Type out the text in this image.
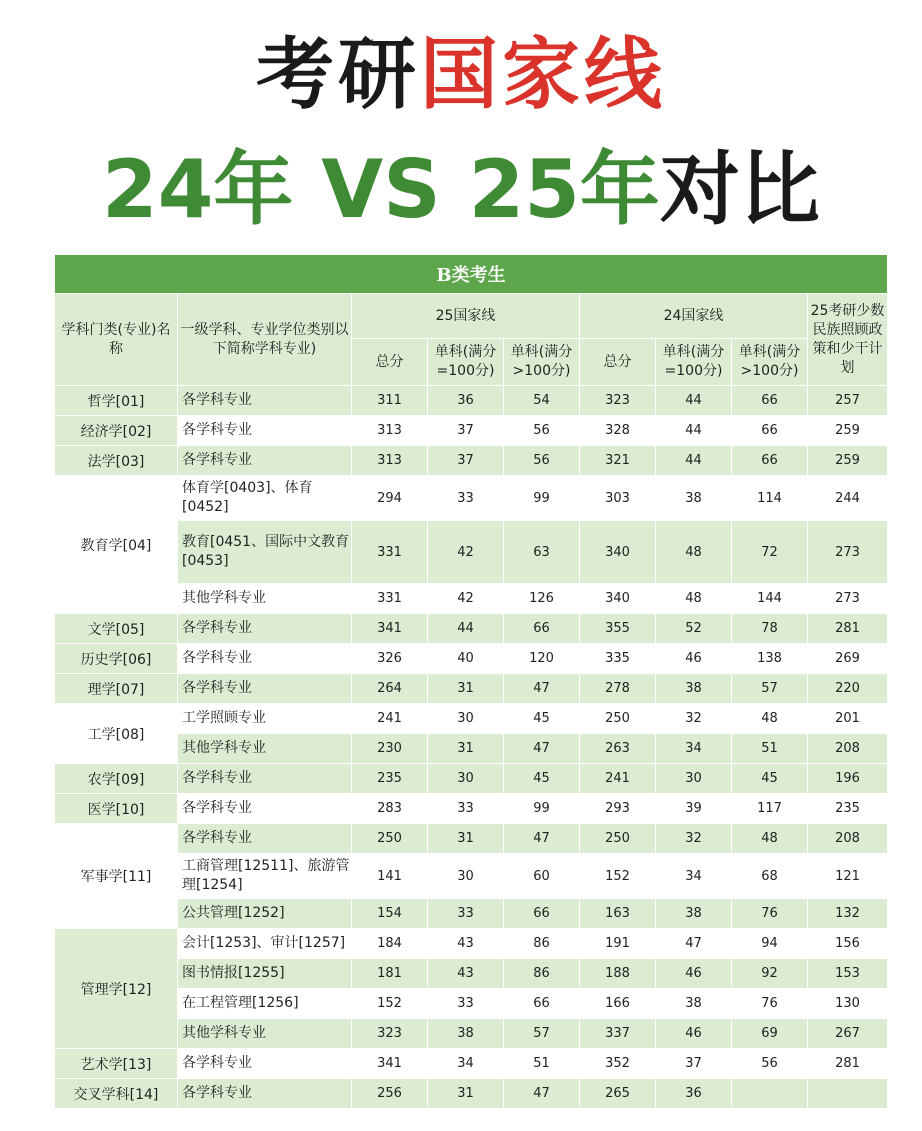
考研国家线
24年 VS 25年对比
B类考生								
学科门类(专业)名称	一级学科、专业学位类别以下简称学科专业)	25国家线			24国家线			25考研少数民族照顾政策和少干计划
		总分	单科(满分=100分)	单科(满分>100分)	总分	单科(满分=100分)	单科(满分>100分)	
哲学[01]	各学科专业	311	36	54	323	44	66	257
经济学[02]	各学科专业	313	37	56	328	44	66	259
法学[03]	各学科专业	313	37	56	321	44	66	259
教育学[04]	体育学[0403]、体育[0452]	294	33	99	303	38	114	244
	教育[0451、国际中文教育[0453]	331	42	63	340	48	72	273
	其他学科专业	331	42	126	340	48	144	273
文学[05]	各学科专业	341	44	66	355	52	78	281
历史学[06]	各学科专业	326	40	120	335	46	138	269
理学[07]	各学科专业	264	31	47	278	38	57	220
工学[08]	工学照顾专业	241	30	45	250	32	48	201
	其他学科专业	230	31	47	263	34	51	208
农学[09]	各学科专业	235	30	45	241	30	45	196
医学[10]	各学科专业	283	33	99	293	39	117	235
军事学[11]	各学科专业	250	31	47	250	32	48	208
	工商管理[12511]、旅游管理[1254]	141	30	60	152	34	68	121
	公共管理[1252]	154	33	66	163	38	76	132
管理学[12]	会计[1253]、审计[1257]	184	43	86	191	47	94	156
	图书情报[1255]	181	43	86	188	46	92	153
	在工程管理[1256]	152	33	66	166	38	76	130
	其他学科专业	323	38	57	337	46	69	267
艺术学[13]	各学科专业	341	34	51	352	37	56	281
交叉学科[14]	各学科专业	256	31	47	265	36		
